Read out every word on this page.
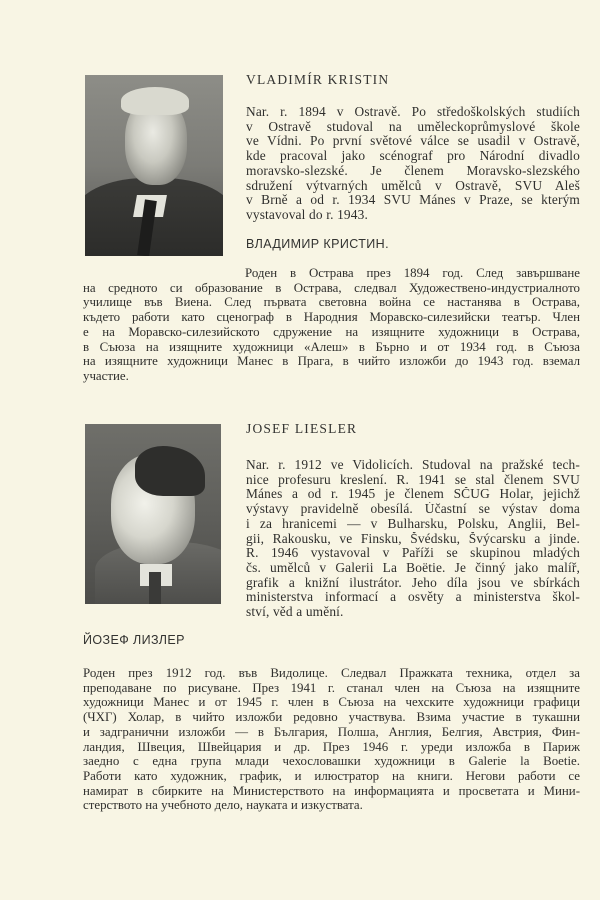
VLADIMÍR KRISTIN
Nar. r. 1894 v Ostravě. Po středoškolských studiích
v Ostravě studoval na uměleckoprůmyslové škole
ve Vídni. Po první světové válce se usadil v Ostravě,
kde pracoval jako scénograf pro Národní divadlo
moravsko-slezské. Je členem Moravsko-slezského
sdružení výtvarných umělců v Ostravě, SVU Aleš
v Brně a od r. 1934 SVU Mánes v Praze, se kterým
vystavoval do r. 1943.
ВЛАДИМИР КРИСТИН.
Роден в Острава през 1894 год. След завършване
на средното си образование в Острава, следвал Художествено-индустриалното
училище във Виена. След първата световна война се настанява в Острава,
където работи като сценограф в Народния Моравско-силезийски театър. Член
е на Моравско-силезийското сдружение на изящните художници в Острава,
в Съюза на изящните художници «Алеш» в Бърно и от 1934 год. в Съюза
на изящните художници Манес в Прага, в чийто изложби до 1943 год. вземал
участие.
JOSEF LIESLER
Nar. r. 1912 ve Vidolicích. Studoval na pražské tech-
nice profesuru kreslení. R. 1941 se stal členem SVU
Mánes a od r. 1945 je členem SČUG Holar, jejichž
výstavy pravidelně obesílá. Účastní se výstav doma
i za hranicemi — v Bulharsku, Polsku, Anglii, Bel-
gii, Rakousku, ve Finsku, Švédsku, Švýcarsku a jinde.
R. 1946 vystavoval v Paříži se skupinou mladých
čs. umělců v Galerii La Boëtie. Je činný jako malíř,
grafik a knižní ilustrátor. Jeho díla jsou ve sbírkách
ministerstva informací a osvěty a ministerstva škol-
ství, věd a umění.
ЙОЗЕФ ЛИЗЛЕР
Роден през 1912 год. във Видолице. Следвал Пражката техника, отдел за
преподаване по рисуване. През 1941 г. станал член на Съюза на изящните
художници Манес и от 1945 г. член в Съюза на чехските художници графици
(ЧХГ) Холар, в чийто изложби редовно участвува. Взима участие в тукашни
и задгранични изложби — в България, Полша, Англия, Белгия, Австрия, Фин-
ландия, Швеция, Швейцария и др. През 1946 г. уреди изложба в Париж
заедно с една група млади чехословашки художници в Galerie la Boetie.
Работи като художник, график, и илюстратор на книги. Негови работи се
намират в сбирките на Министерството на информацията и просветата и Мини-
стерството на учебното дело, науката и изкуствата.
